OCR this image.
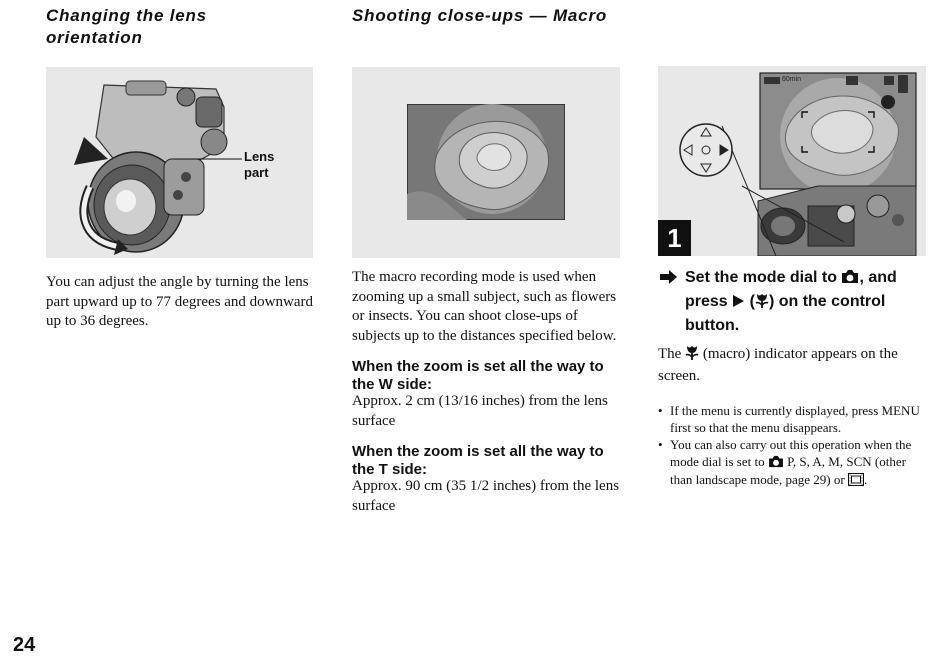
Changing the lens orientation
Lens
part
You can adjust the angle by turning the lens part upward up to 77 degrees and downward up to 36 degrees.
Shooting close-ups — Macro
The macro recording mode is used when zooming up a small subject, such as flowers or insects. You can shoot close-ups of subjects up to the distances specified below.
When the zoom is set all the way to the W side:
Approx. 2 cm (13/16 inches) from the lens surface
When the zoom is set all the way to the T side:
Approx. 90 cm (35 1/2 inches) from the lens surface
60min
1
Set the mode dial to , and press ( ) on the control button.
The (macro) indicator appears on the screen.
• If the menu is currently displayed, press MENU first so that the menu disappears.
• You can also carry out this operation when the mode dial is set to P, S, A, M, SCN (other than landscape mode, page 29) or .
24
